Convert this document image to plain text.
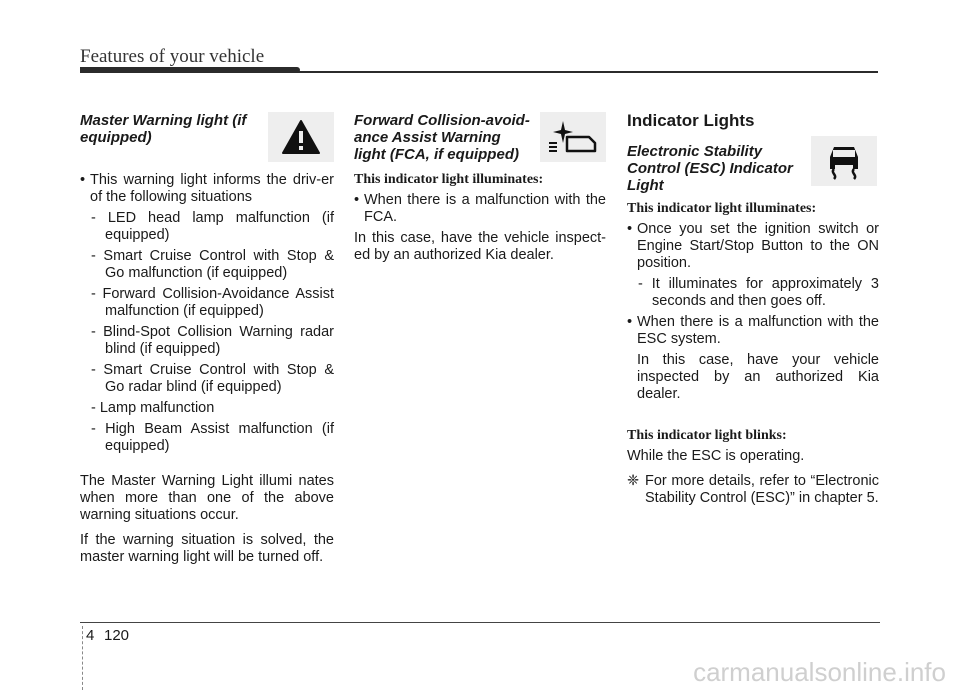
Features of your vehicle

Master Warning light (if equipped)

• This warning light informs the driv-er of the following situations

- LED head lamp malfunction (if equipped)

- Smart Cruise Control with Stop & Go malfunction (if equipped)

- Forward Collision-Avoidance Assist malfunction (if equipped)

- Blind-Spot Collision Warning radar blind (if equipped)

- Smart Cruise Control with Stop & Go radar blind (if equipped)

- Lamp malfunction

- High Beam Assist malfunction (if equipped)

The Master Warning Light illumi nates when more than one of the above warning situations occur.

If the warning situation is solved, the master warning light will be turned off.

Forward Collision-avoid-ance Assist Warning light (FCA, if equipped)

This indicator light illuminates:

• When there is a malfunction with the FCA.

In this case, have the vehicle inspect-ed by an authorized Kia dealer.

Indicator Lights

Electronic Stability Control (ESC) Indicator Light

This indicator light illuminates:

• Once you set the ignition switch or Engine Start/Stop Button to the ON position.

- It illuminates for approximately 3 seconds and then goes off.

• When there is a malfunction with the ESC system.

In this case, have your vehicle inspected by an authorized Kia dealer.

This indicator light blinks:

While the ESC is operating.

❈ For more details, refer to “Electronic Stability Control (ESC)” in chapter 5.
4 120
carmanualsonline.info
